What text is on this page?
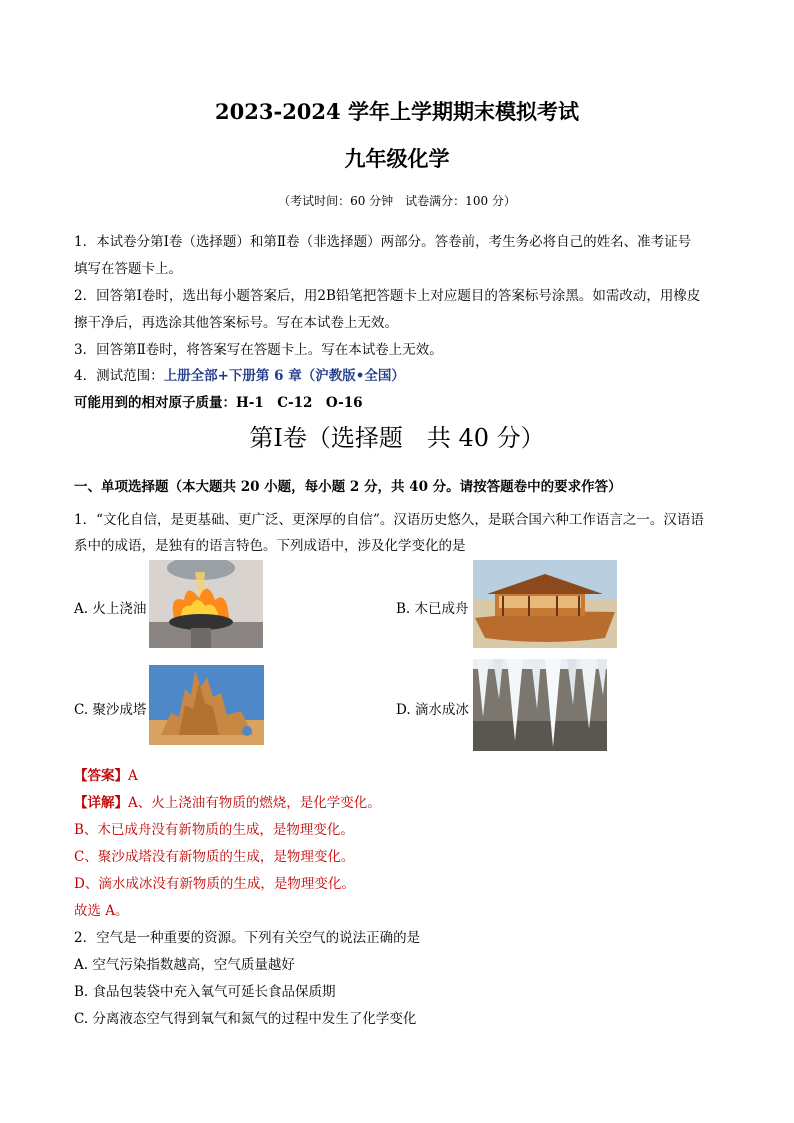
2023-2024 学年上学期期末模拟考试
九年级化学
（考试时间：60 分钟　试卷满分：100 分）
1．本试卷分第Ⅰ卷（选择题）和第Ⅱ卷（非选择题）两部分。答卷前，考生务必将自己的姓名、准考证号
填写在答题卡上。
2．回答第Ⅰ卷时，选出每小题答案后，用2B铅笔把答题卡上对应题目的答案标号涂黑。如需改动，用橡皮
擦干净后，再选涂其他答案标号。写在本试卷上无效。
3．回答第Ⅱ卷时，将答案写在答题卡上。写在本试卷上无效。
4．测试范围：上册全部+下册第 6 章（沪教版•全国）
可能用到的相对原子质量：H-1　C-12　O-16
第Ⅰ卷（选择题　共 40 分）
一、单项选择题（本大题共 20 小题，每小题 2 分，共 40 分。请按答题卷中的要求作答）
1．“文化自信，是更基础、更广泛、更深厚的自信”。汉语历史悠久，是联合国六种工作语言之一。汉语语
系中的成语，是独有的语言特色。下列成语中，涉及化学变化的是
A. 火上浇油	B. 木已成舟
C. 聚沙成塔	D. 滴水成冰
【答案】A
【详解】A、火上浇油有物质的燃烧，是化学变化。
B、木已成舟没有新物质的生成，是物理变化。
C、聚沙成塔没有新物质的生成，是物理变化。
D、滴水成冰没有新物质的生成，是物理变化。
故选 A。
2．空气是一种重要的资源。下列有关空气的说法正确的是
A. 空气污染指数越高，空气质量越好
B. 食品包装袋中充入氧气可延长食品保质期
C. 分离液态空气得到氧气和氮气的过程中发生了化学变化
